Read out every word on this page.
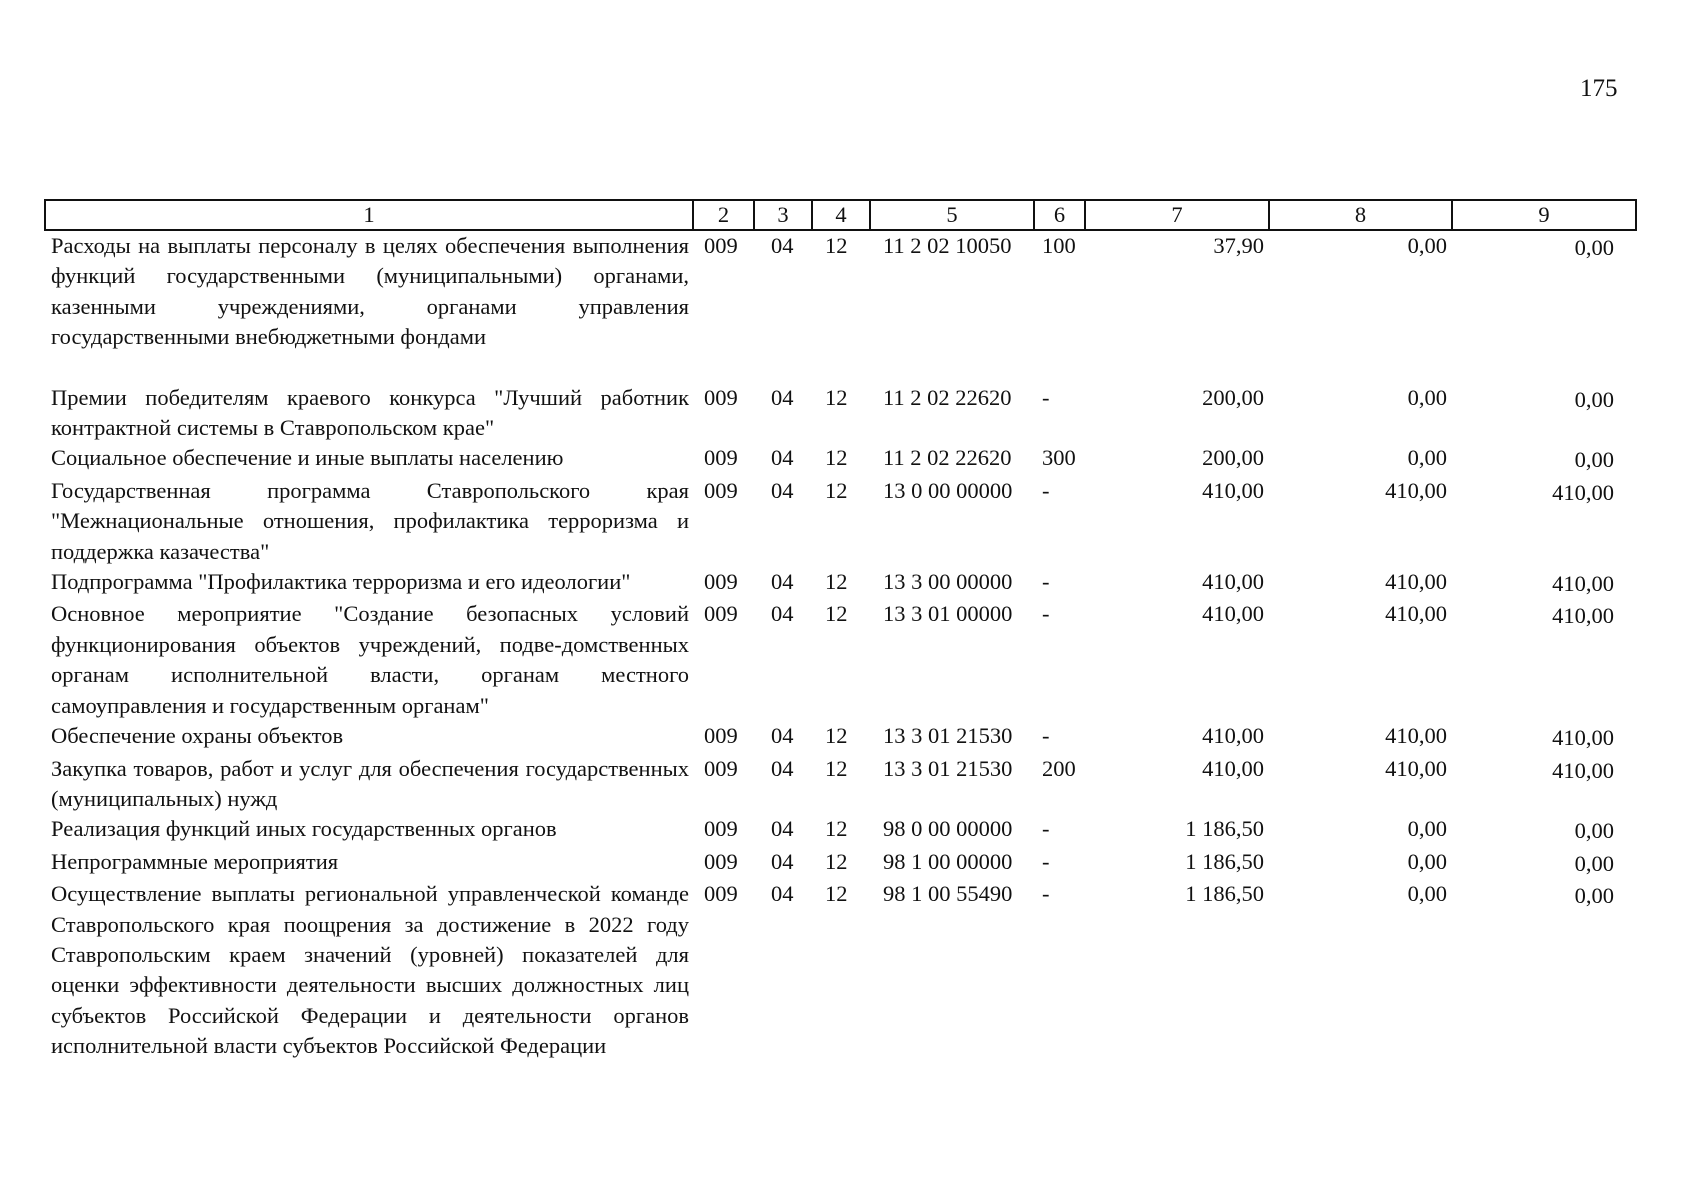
175
1	2	3	4	5	6	7	8	9
Расходы на выплаты персоналу в целях обеспечения выполнения функций государственными (муниципальными) органами, казенными учреждениями, органами управления государственными внебюджетными фондами	009	04	12	11 2 02 10050	100	37,90	0,00	0,00

Премии победителям краевого конкурса "Лучший работник контрактной системы в Ставропольском крае"	009	04	12	11 2 02 22620	-	200,00	0,00	0,00
Социальное обеспечение и иные выплаты населению	009	04	12	11 2 02 22620	300	200,00	0,00	0,00
Государственная программа Ставропольского края "Межнациональные отношения, профилактика терроризма и поддержка казачества"	009	04	12	13 0 00 00000	-	410,00	410,00	410,00
Подпрограмма "Профилактика терроризма и его идеологии"	009	04	12	13 3 00 00000	-	410,00	410,00	410,00
Основное мероприятие "Создание безопасных условий функционирования объектов учреждений, подве-домственных органам исполнительной власти, органам местного самоуправления и государственным органам"	009	04	12	13 3 01 00000	-	410,00	410,00	410,00
Обеспечение охраны объектов	009	04	12	13 3 01 21530	-	410,00	410,00	410,00
Закупка товаров, работ и услуг для обеспечения государственных (муниципальных) нужд	009	04	12	13 3 01 21530	200	410,00	410,00	410,00
Реализация функций иных государственных органов	009	04	12	98 0 00 00000	-	1 186,50	0,00	0,00
Непрограммные мероприятия	009	04	12	98 1 00 00000	-	1 186,50	0,00	0,00
Осуществление выплаты региональной управленческой команде Ставропольского края поощрения за достижение в 2022 году Ставропольским краем значений (уровней) показателей для оценки эффективности деятельности высших должностных лиц субъектов Российской Федерации и деятельности органов исполнительной власти субъектов Российской Федерации	009	04	12	98 1 00 55490	-	1 186,50	0,00	0,00
